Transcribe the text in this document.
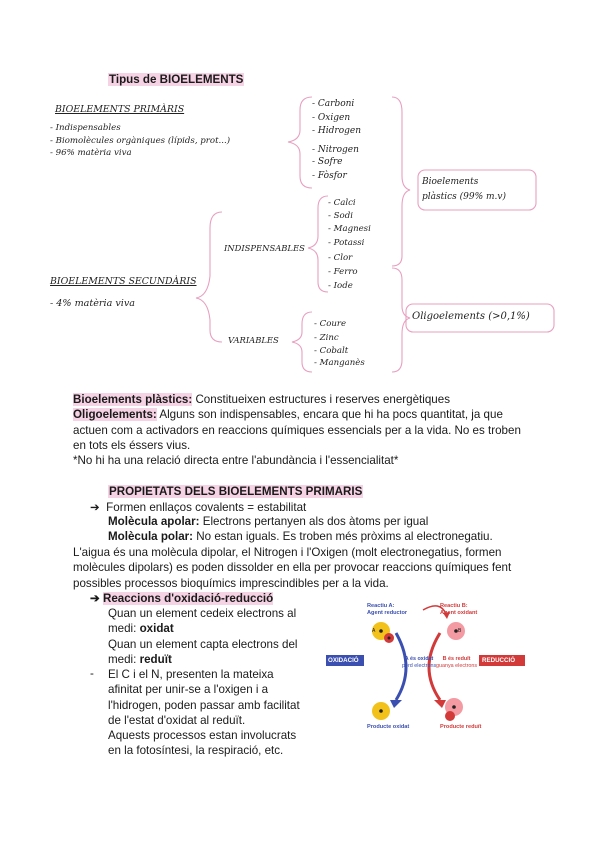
Tipus de BIOELEMENTS
BIOELEMENTS PRIMÀRIS
- Indispensables
- Biomolècules orgàniques (lípids, prot...)
- 96% matèria viva
BIOELEMENTS SECUNDÀRIS
- 4% matèria viva
- Carboni
- Oxigen
- Hidrogen
- Nitrogen
- Sofre
- Fòsfor
Bioelements
plàstics (99% m.v)
Oligoelements (>0,1%)
INDISPENSABLES
- Calci
- Sodi
- Magnesi
- Potassi
- Clor
- Ferro
- Iode
VARIABLES
- Coure
- Zinc
- Cobalt
- Manganès

Bioelements plàstics: Constitueixen estructures i reserves energètiques

Oligoelements: Alguns son indispensables, encara que hi ha pocs quantitat, ja que actuen com a activadors en reaccions químiques essencials per a la vida. No es troben en tots els éssers vius.

*No hi ha una relació directa entre l'abundància i l'essencialitat*

PROPIETATS DELS BIOELEMENTS PRIMARIS
➔ Formen enllaços covalents = estabilitat
Molècula apolar: Electrons pertanyen als dos àtoms per igual
Molècula polar: No estan iguals. Es troben més pròxims al electronegatiu.
L'aigua és una molècula dipolar, el Nitrogen i l'Oxigen (molt electronegatius, formen molècules dipolars) es poden dissolder en ella per provocar reaccions químiques fent possibles processos bioquímics imprescindibles per a la vida.
➔ Reaccions d'oxidació-reducció
Quan un element cedeix electrons al
medi: oxidat
Quan un element capta electrons del
medi: reduït
- El C i el N, presenten la mateixa
afinitat per unir-se a l'oxigen i a
l'hidrogen, poden passar amb facilitat
de l'estat d'oxidat al reduït.
Aquests processos estan involucrats
en la fotosíntesi, la respiració, etc.
Reactiu A:
Agent reductor
Reactiu B:
Agent oxidant
OXIDACIÓ	REDUCCIÓ
A és oxidat
perd electrons
B és reduït
guanya electrons
Producte oxidat	Producte reduït
A	B
